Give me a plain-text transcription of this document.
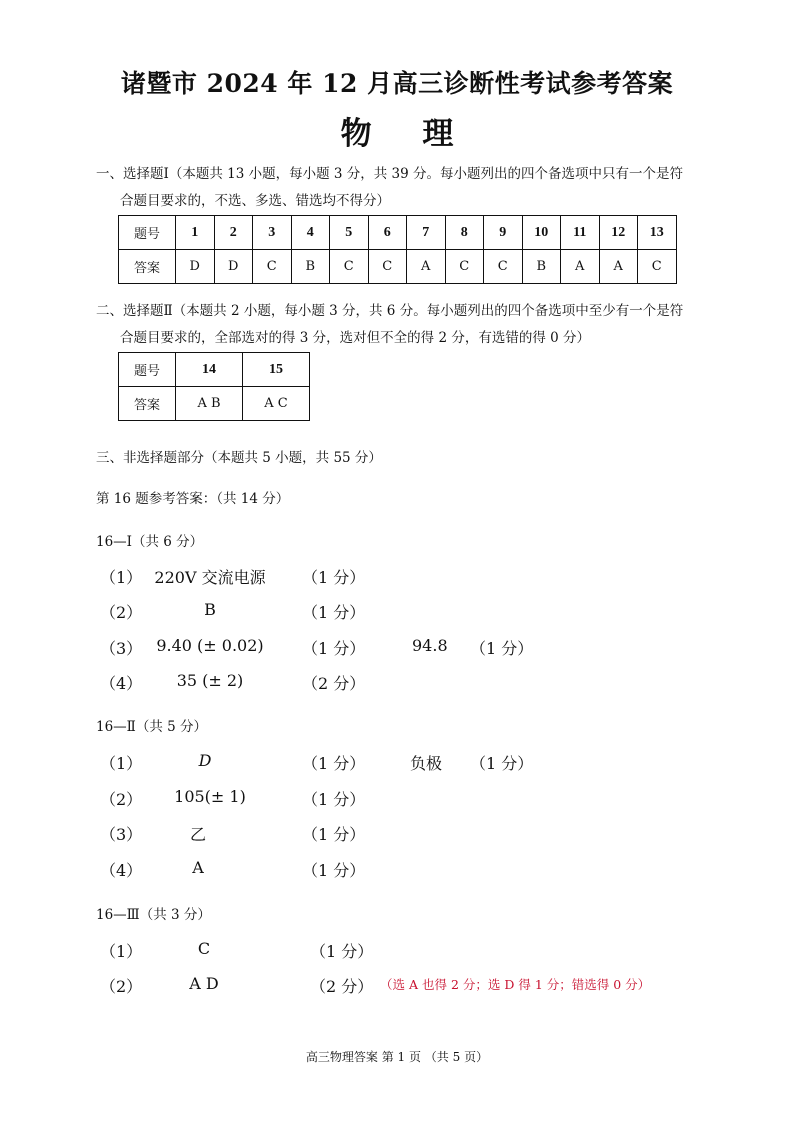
诸暨市 2024 年 12 月高三诊断性考试参考答案
物 理
一、选择题Ⅰ（本题共 13 小题，每小题 3 分，共 39 分。每小题列出的四个备选项中只有一个是符
合题目要求的，不选、多选、错选均不得分）
题号	1	2	3	4	5	6	7	8	9	10	11	12	13
答案	D	D	C	B	C	C	A	C	C	B	A	A	C
二、选择题Ⅱ（本题共 2 小题，每小题 3 分，共 6 分。每小题列出的四个备选项中至少有一个是符
合题目要求的，全部选对的得 3 分，选对但不全的得 2 分，有选错的得 0 分）
题号	14	15
答案	A B	A C
三、非选择题部分（本题共 5 小题，共 55 分）
第 16 题参考答案：（共 14 分）
16—Ⅰ（共 6 分）
（1） 220V 交流电源 （1 分）
（2）	B	（1 分）
（3） 9.40 (± 0.02)	（1 分）	94.8 （1 分）
（4）	35 (± 2)	（2 分）
16—Ⅱ（共 5 分）
（1）	D	（1 分）	负极 （1 分）
（2）	105(± 1)	（1 分）
（3）	乙	（1 分）
（4）	A	（1 分）
16—Ⅲ（共 3 分）
（1）	C	（1 分）
（2）	A D	（2 分） （选 A 也得 2 分；选 D 得 1 分；错选得 0 分）
高三物理答案 第 1 页 （共 5 页）
